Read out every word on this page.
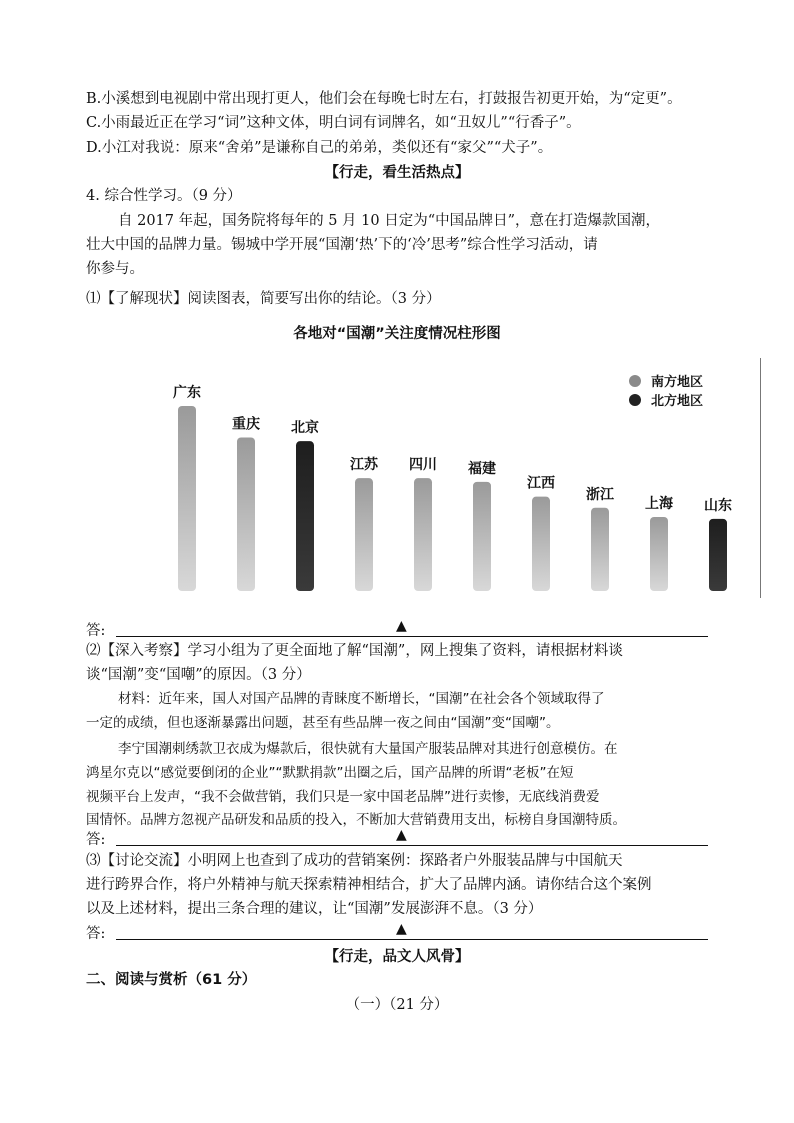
B.小溪想到电视剧中常出现打更人，他们会在每晚七时左右，打鼓报告初更开始，为“定更”。
C.小雨最近正在学习“词”这种文体，明白词有词牌名，如“丑奴儿”“行香子”。
D.小江对我说：原来“舍弟”是谦称自己的弟弟，类似还有“家父”“犬子”。
【行走，看生活热点】
4. 综合性学习。（9 分）
自 2017 年起，国务院将每年的 5 月 10 日定为“中国品牌日”，意在打造爆款国潮，
壮大中国的品牌力量。锡城中学开展“国潮‘热’下的‘冷’思考”综合性学习活动，请
你参与。
⑴【了解现状】阅读图表，简要写出你的结论。（3 分）
各地对“国潮”关注度情况柱形图
广东
重庆 北京
江苏 四川 福建
江西
浙江
上海 山东
南方地区
北方地区
答:	▲
⑵【深入考察】学习小组为了更全面地了解“国潮”，网上搜集了资料，请根据材料谈
谈“国潮”变“国嘲”的原因。（3 分）
材料：近年来，国人对国产品牌的青睐度不断增长，“国潮”在社会各个领域取得了
一定的成绩，但也逐渐暴露出问题，甚至有些品牌一夜之间由“国潮”变“国嘲”。
李宁国潮刺绣款卫衣成为爆款后，很快就有大量国产服装品牌对其进行创意模仿。在
鸿星尔克以“感觉要倒闭的企业”“默默捐款”出圈之后，国产品牌的所谓“老板”在短
视频平台上发声，“我不会做营销，我们只是一家中国老品牌”进行卖惨，无底线消费爱
国情怀。品牌方忽视产品研发和品质的投入，不断加大营销费用支出，标榜自身国潮特质。
答:	▲
⑶【讨论交流】小明网上也查到了成功的营销案例：探路者户外服装品牌与中国航天
进行跨界合作，将户外精神与航天探索精神相结合，扩大了品牌内涵。请你结合这个案例
以及上述材料，提出三条合理的建议，让“国潮”发展澎湃不息。（3 分）
答:	▲
【行走，品文人风骨】
二、阅读与赏析（61 分）
（一）（21 分）
